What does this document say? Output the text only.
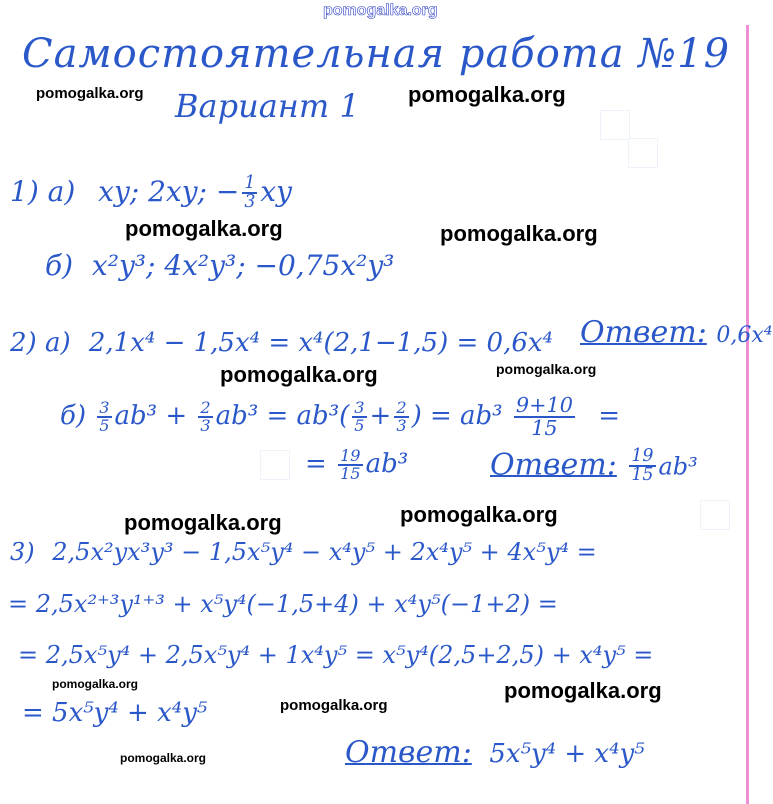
pomogalka.org
pomogalka.org	pomogalka.org
pomogalka.org	pomogalka.org
pomogalka.org	pomogalka.org
pomogalka.org	pomogalka.org
pomogalka.org
pomogalka.org
pomogalka.org
pomogalka.org
Самостоятельная работа №19
Вариант 1
1) а) xy; 2xy; − $\frac{1}{3}$ xy
б) x²y³; 4x²y³; −0,75x²y³
2) а) 2,1x⁴ − 1,5x⁴ = x⁴(2,1−1,5) = 0,6x⁴ Ответ: 0,6x⁴
$б) \frac{3}{5} ab^3 + \frac{2}{3} ab^3 = ab^3( \frac{3}{5} + \frac{2}{3}$ ) = $ab^3 \frac{9+10}{15}$ =
= $\frac{19}{15} ab^3$	Ответ: $\frac{19}{15} ab^3$
3) 2,5x²yx³y³ − 1,5x⁵y⁴ − x⁴y⁵ + 2x⁴y⁵ + 4x⁵y⁴ =
= 2,5x²⁺³y¹⁺³ + x⁵y⁴(−1,5+4) + x⁴y⁵(−1+2) =
= 2,5x⁵y⁴ + 2,5x⁵y⁴ + 1x⁴y⁵ = x⁵y⁴(2,5+2,5) + x⁴y⁵ =
= 5x⁵y⁴ + x⁴y⁵
Ответ: 5x⁵y⁴ + x⁴y⁵
